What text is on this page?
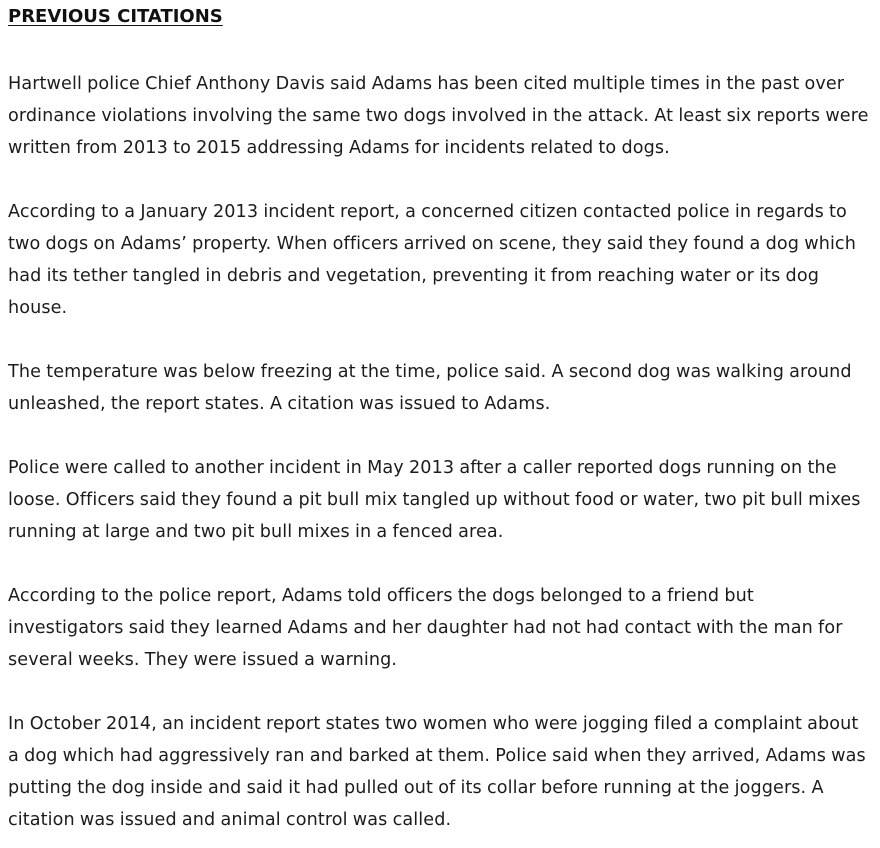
PREVIOUS CITATIONS

Hartwell police Chief Anthony Davis said Adams has been cited multiple times in the past over ordinance violations involving the same two dogs involved in the attack. At least six reports were written from 2013 to 2015 addressing Adams for incidents related to dogs.

According to a January 2013 incident report, a concerned citizen contacted police in regards to two dogs on Adams’ property. When officers arrived on scene, they said they found a dog which had its tether tangled in debris and vegetation, preventing it from reaching water or its dog house.

The temperature was below freezing at the time, police said. A second dog was walking around unleashed, the report states. A citation was issued to Adams.

Police were called to another incident in May 2013 after a caller reported dogs running on the loose. Officers said they found a pit bull mix tangled up without food or water, two pit bull mixes running at large and two pit bull mixes in a fenced area.

According to the police report, Adams told officers the dogs belonged to a friend but investigators said they learned Adams and her daughter had not had contact with the man for several weeks. They were issued a warning.

In October 2014, an incident report states two women who were jogging filed a complaint about a dog which had aggressively ran and barked at them. Police said when they arrived, Adams was putting the dog inside and said it had pulled out of its collar before running at the joggers. A citation was issued and animal control was called.
